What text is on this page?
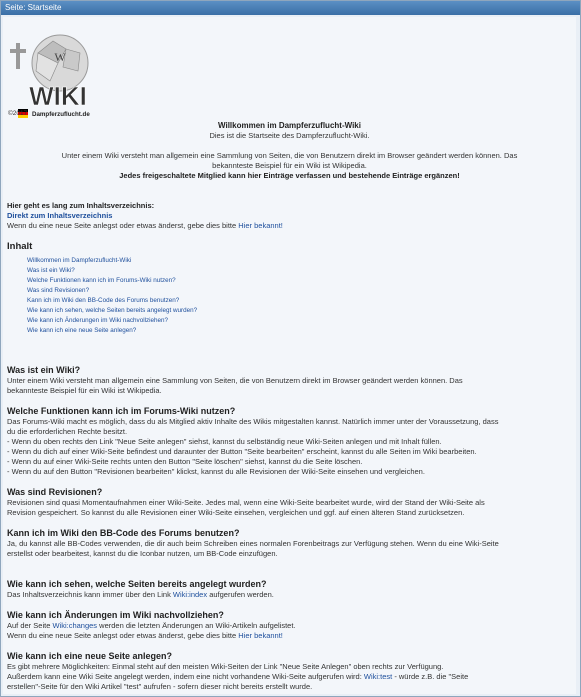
Seite: Startseite
W
WIKI
Dampferzuflucht.de
©2017
Willkommen im Dampferzuflucht-Wiki
Dies ist die Startseite des Dampferzuflucht-Wiki.
Unter einem Wiki versteht man allgemein eine Sammlung von Seiten, die von Benutzern direkt im Browser geändert werden können. Das
bekannteste Beispiel für ein Wiki ist Wikipedia.
Jedes freigeschaltete Mitglied kann hier Einträge verfassen und bestehende Einträge ergänzen!
Hier geht es lang zum Inhaltsverzeichnis:
Direkt zum Inhaltsverzeichnis
Wenn du eine neue Seite anlegst oder etwas änderst, gebe dies bitte Hier bekannt!
Inhalt
Willkommen im Dampferzuflucht-Wiki
Was ist ein Wiki?
Welche Funktionen kann ich im Forums-Wiki nutzen?
Was sind Revisionen?
Kann ich im Wiki den BB-Code des Forums benutzen?
Wie kann ich sehen, welche Seiten bereits angelegt wurden?
Wie kann ich Änderungen im Wiki nachvollziehen?
Wie kann ich eine neue Seite anlegen?
Was ist ein Wiki?
Unter einem Wiki versteht man allgemein eine Sammlung von Seiten, die von Benutzern direkt im Browser geändert werden können. Das
bekannteste Beispiel für ein Wiki ist Wikipedia.
Welche Funktionen kann ich im Forums-Wiki nutzen?
Das Forums-Wiki macht es möglich, dass du als Mitglied aktiv Inhalte des Wikis mitgestalten kannst. Natürlich immer unter der Voraussetzung, dass
du die erforderlichen Rechte besitzt.
- Wenn du oben rechts den Link "Neue Seite anlegen" siehst, kannst du selbständig neue Wiki-Seiten anlegen und mit Inhalt füllen.
- Wenn du dich auf einer Wiki-Seite befindest und daraunter der Button "Seite bearbeiten" erscheint, kannst du alle Seiten im Wiki bearbeiten.
- Wenn du auf einer Wiki-Seite rechts unten den Button "Seite löschen" siehst, kannst du die Seite löschen.
- Wenn du auf den Button "Revisionen bearbeiten" klickst, kannst du alle Revisionen der Wiki-Seite einsehen und vergleichen.
Was sind Revisionen?
Revisionen sind quasi Momentaufnahmen einer Wiki-Seite. Jedes mal, wenn eine Wiki-Seite bearbeitet wurde, wird der Stand der Wiki-Seite als
Revision gespeichert. So kannst du alle Revisionen einer Wiki-Seite einsehen, vergleichen und ggf. auf einen älteren Stand zurücksetzen.
Kann ich im Wiki den BB-Code des Forums benutzen?
Ja, du kannst alle BB-Codes verwenden, die dir auch beim Schreiben eines normalen Forenbeitrags zur Verfügung stehen. Wenn du eine Wiki-Seite
erstellst oder bearbeitest, kannst du die Iconbar nutzen, um BB-Code einzufügen.
Wie kann ich sehen, welche Seiten bereits angelegt wurden?
Das Inhaltsverzeichnis kann immer über den Link Wiki:index aufgerufen werden.
Wie kann ich Änderungen im Wiki nachvollziehen?
Auf der Seite Wiki:changes werden die letzten Änderungen an Wiki-Artikeln aufgelistet.
Wenn du eine neue Seite anlegst oder etwas änderst, gebe dies bitte Hier bekannt!
Wie kann ich eine neue Seite anlegen?
Es gibt mehrere Möglichkeiten: Einmal steht auf den meisten Wiki-Seiten der Link "Neue Seite Anlegen" oben rechts zur Verfügung.
Außerdem kann eine Wiki Seite angelegt werden, indem eine nicht vorhandene Wiki-Seite aufgerufen wird: Wiki:test - würde z.B. die "Seite
erstellen"-Seite für den Wiki Artikel "test" aufrufen - sofern dieser nicht bereits erstellt wurde.
